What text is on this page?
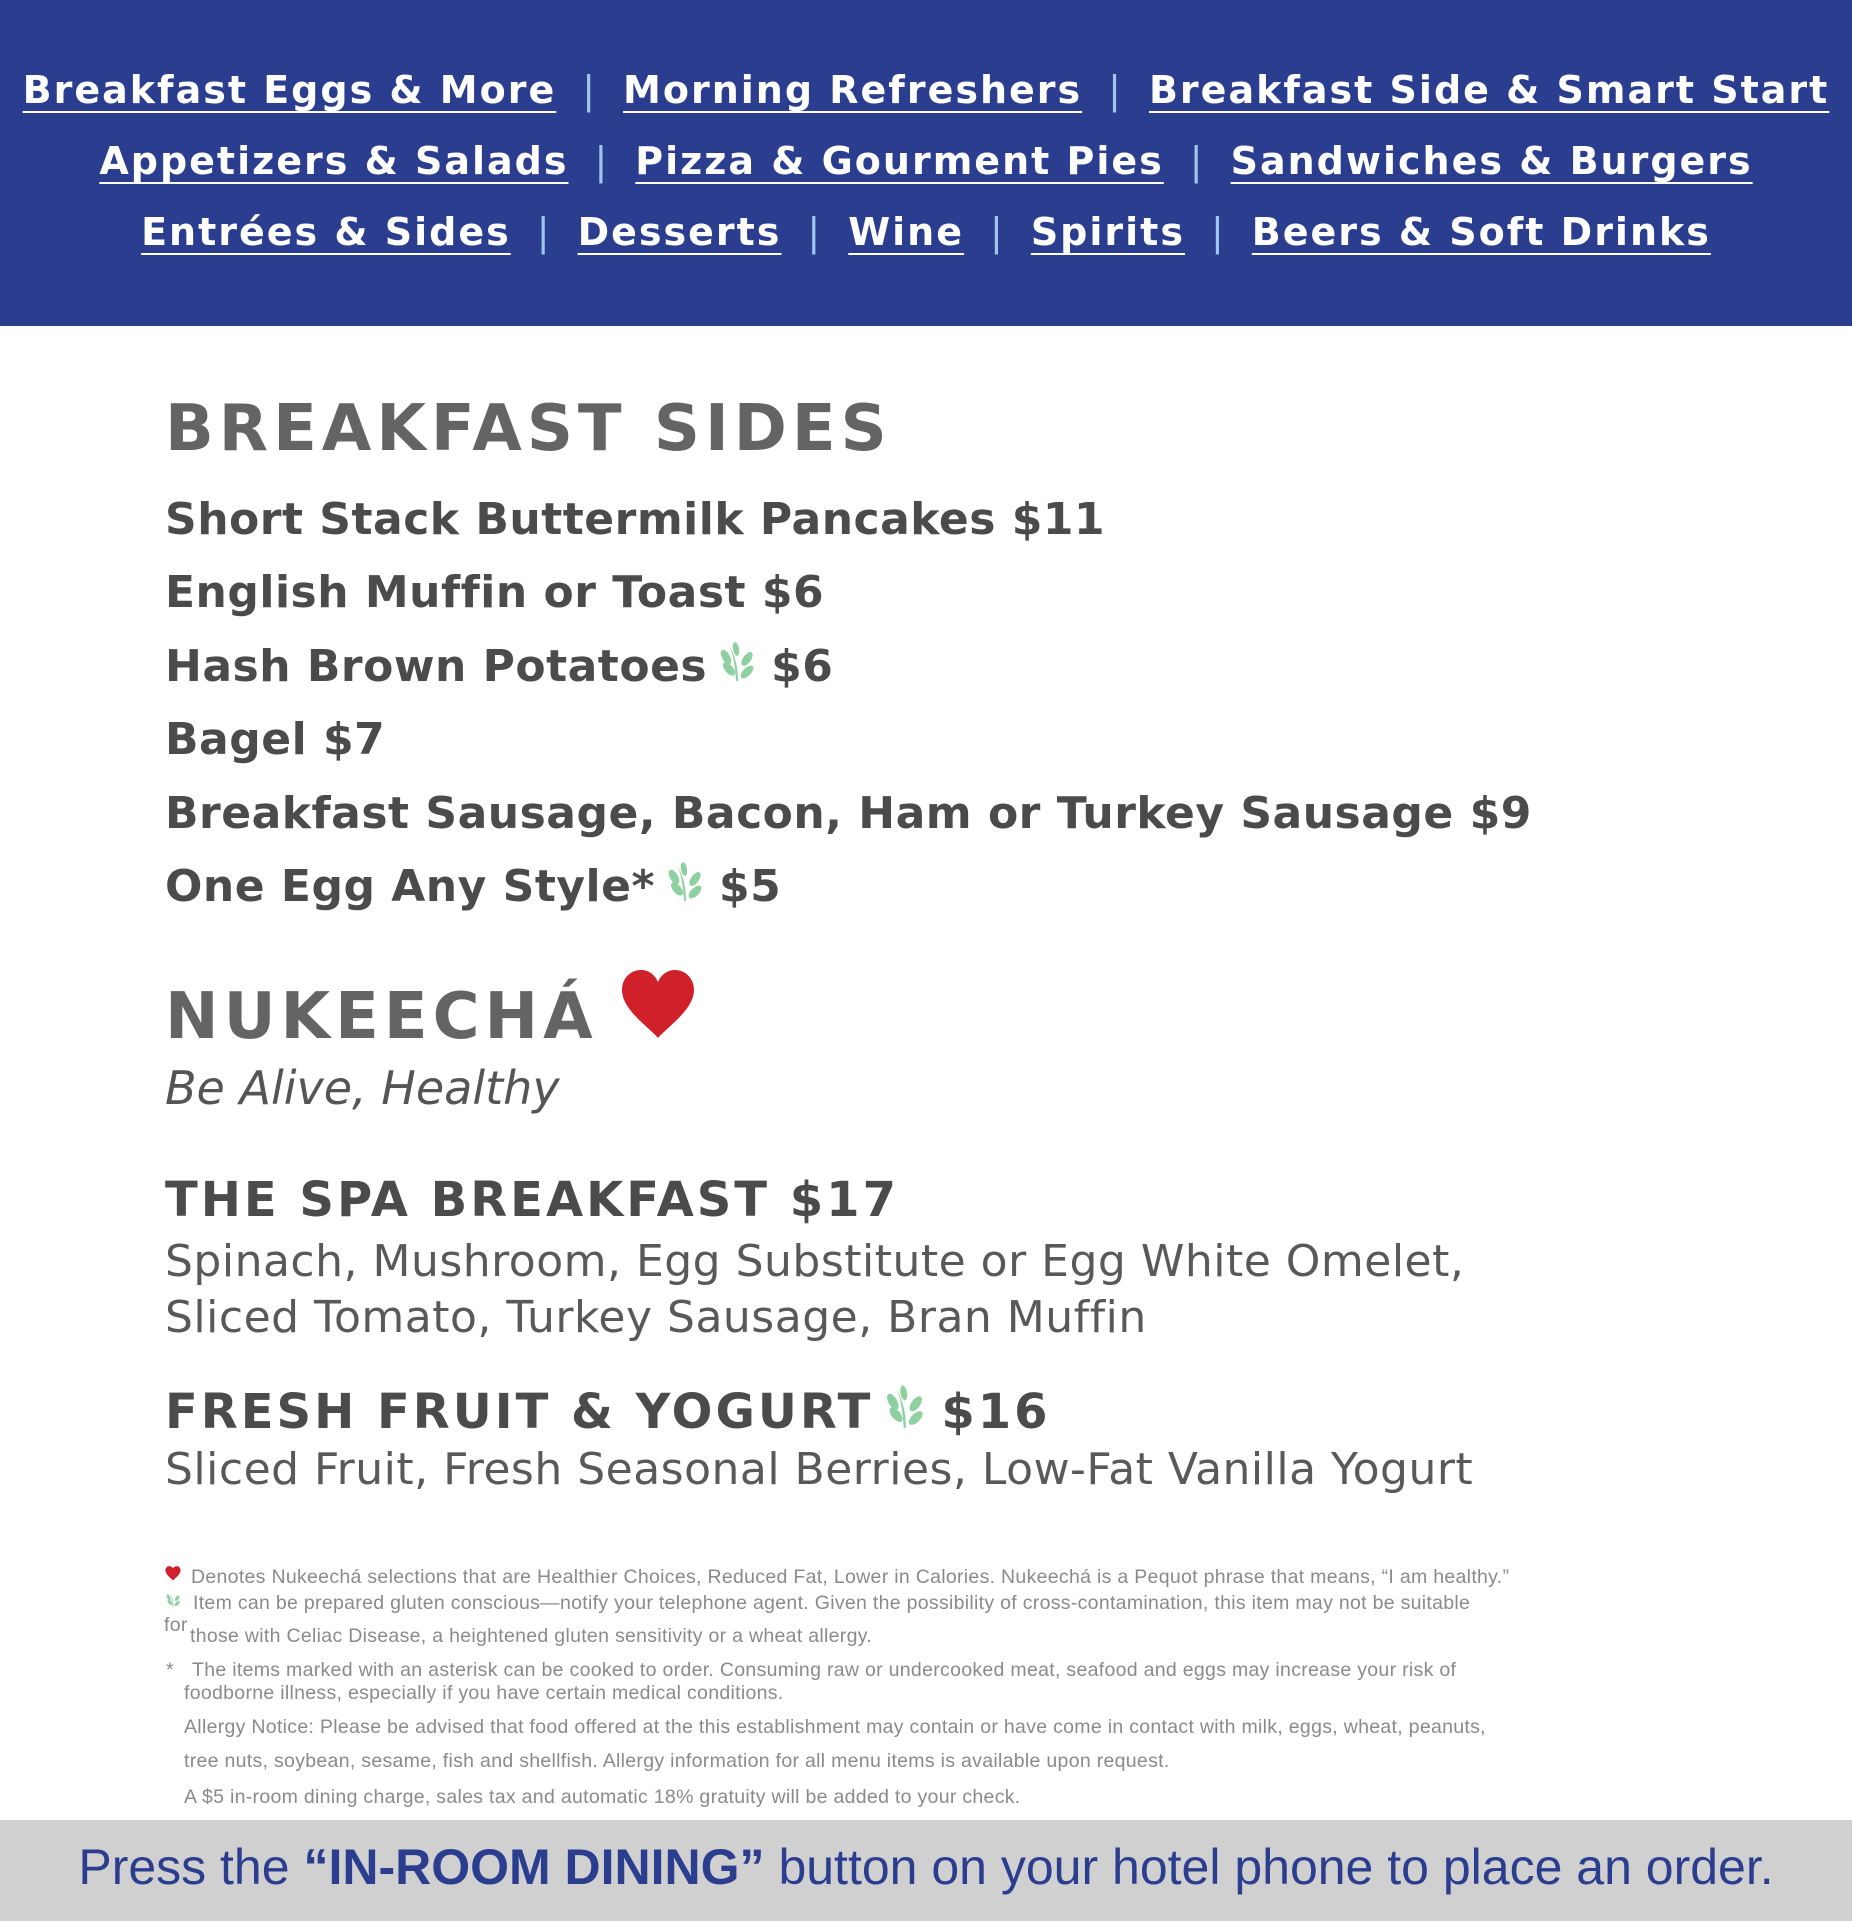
Breakfast Eggs & More | Morning Refreshers | Breakfast Side & Smart Start
Appetizers & Salads | Pizza & Gourment Pies | Sandwiches & Burgers
Entrées & Sides | Desserts | Wine | Spirits | Beers & Soft Drinks
BREAKFAST SIDES
Short Stack Buttermilk Pancakes $11
English Muffin or Toast $6
Hash Brown Potatoes $6
Bagel $7
Breakfast Sausage, Bacon, Ham or Turkey Sausage $9
One Egg Any Style* $5
NUKEECHÁ
Be Alive, Healthy
THE SPA BREAKFAST $17
Spinach, Mushroom, Egg Substitute or Egg White Omelet,
Sliced Tomato, Turkey Sausage, Bran Muffin
FRESH FRUIT & YOGURT $16
Sliced Fruit, Fresh Seasonal Berries, Low-Fat Vanilla Yogurt
Denotes Nukeechá selections that are Healthier Choices, Reduced Fat, Lower in Calories. Nukeechá is a Pequot phrase that means, “I am healthy.”
Item can be prepared gluten conscious—notify your telephone agent. Given the possibility of cross-contamination, this item may not be suitable
for those with Celiac Disease, a heightened gluten sensitivity or a wheat allergy.
* The items marked with an asterisk can be cooked to order. Consuming raw or undercooked meat, seafood and eggs may increase your risk of
foodborne illness, especially if you have certain medical conditions.
Allergy Notice: Please be advised that food offered at the this establishment may contain or have come in contact with milk, eggs, wheat, peanuts,
tree nuts, soybean, sesame, fish and shellfish. Allergy information for all menu items is available upon request.
A $5 in-room dining charge, sales tax and automatic 18% gratuity will be added to your check.
Press the “IN-ROOM DINING” button on your hotel phone to place an order.
